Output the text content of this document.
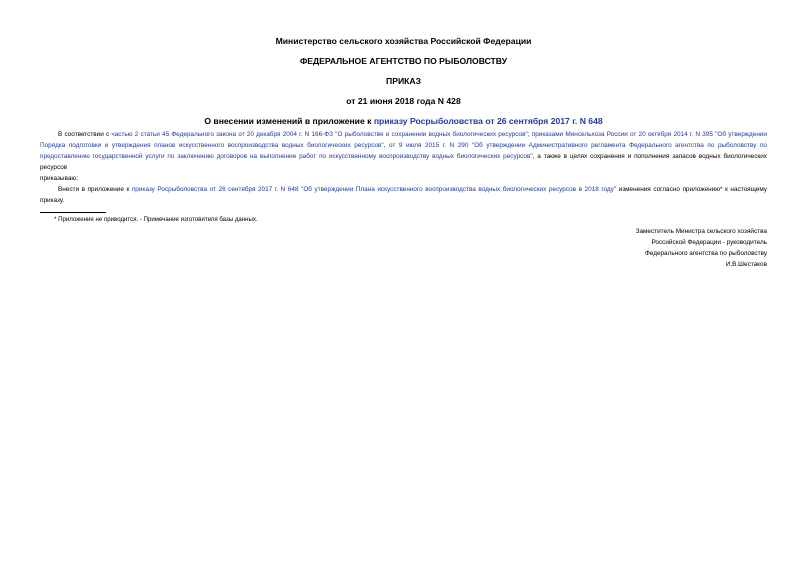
Министерство сельского хозяйства Российской Федерации
ФЕДЕРАЛЬНОЕ АГЕНТСТВО ПО РЫБОЛОВСТВУ
ПРИКАЗ
от 21 июня 2018 года N 428
О внесении изменений в приложение к приказу Росрыболовства от 26 сентября 2017 г. N 648

В соответствии с частью 2 статьи 45 Федерального закона от 20 декабря 2004 г. N 166-ФЗ "О рыболовстве и сохранении водных биологических ресурсов"; приказами Минсельхоза России от 20 октября 2014 г. N 395 "Об утверждении Порядка подготовки и утверждения планов искусственного воспроизводства водных биологических ресурсов", от 9 июля 2015 г. N 290 "Об утверждении Административного регламента Федерального агентства по рыболовству по предоставлению государственной услуги по заключению договоров на выполнение работ по искусственному воспроизводству водных биологических ресурсов", а также в целях сохранения и пополнения запасов водных биологических ресурсов

приказываю:

Внести в приложение к приказу Росрыболовства от 26 сентября 2017 г. N 648 "Об утверждении Плана искусственного воспроизводства водных биологических ресурсов в 2018 году" изменения согласно приложению* к настоящему приказу.

* Приложение не приводится. - Примечание изготовителя базы данных.
Заместитель Министра сельского хозяйства
Российской Федерации - руководитель
Федерального агентства по рыболовству
И.В.Шестаков
